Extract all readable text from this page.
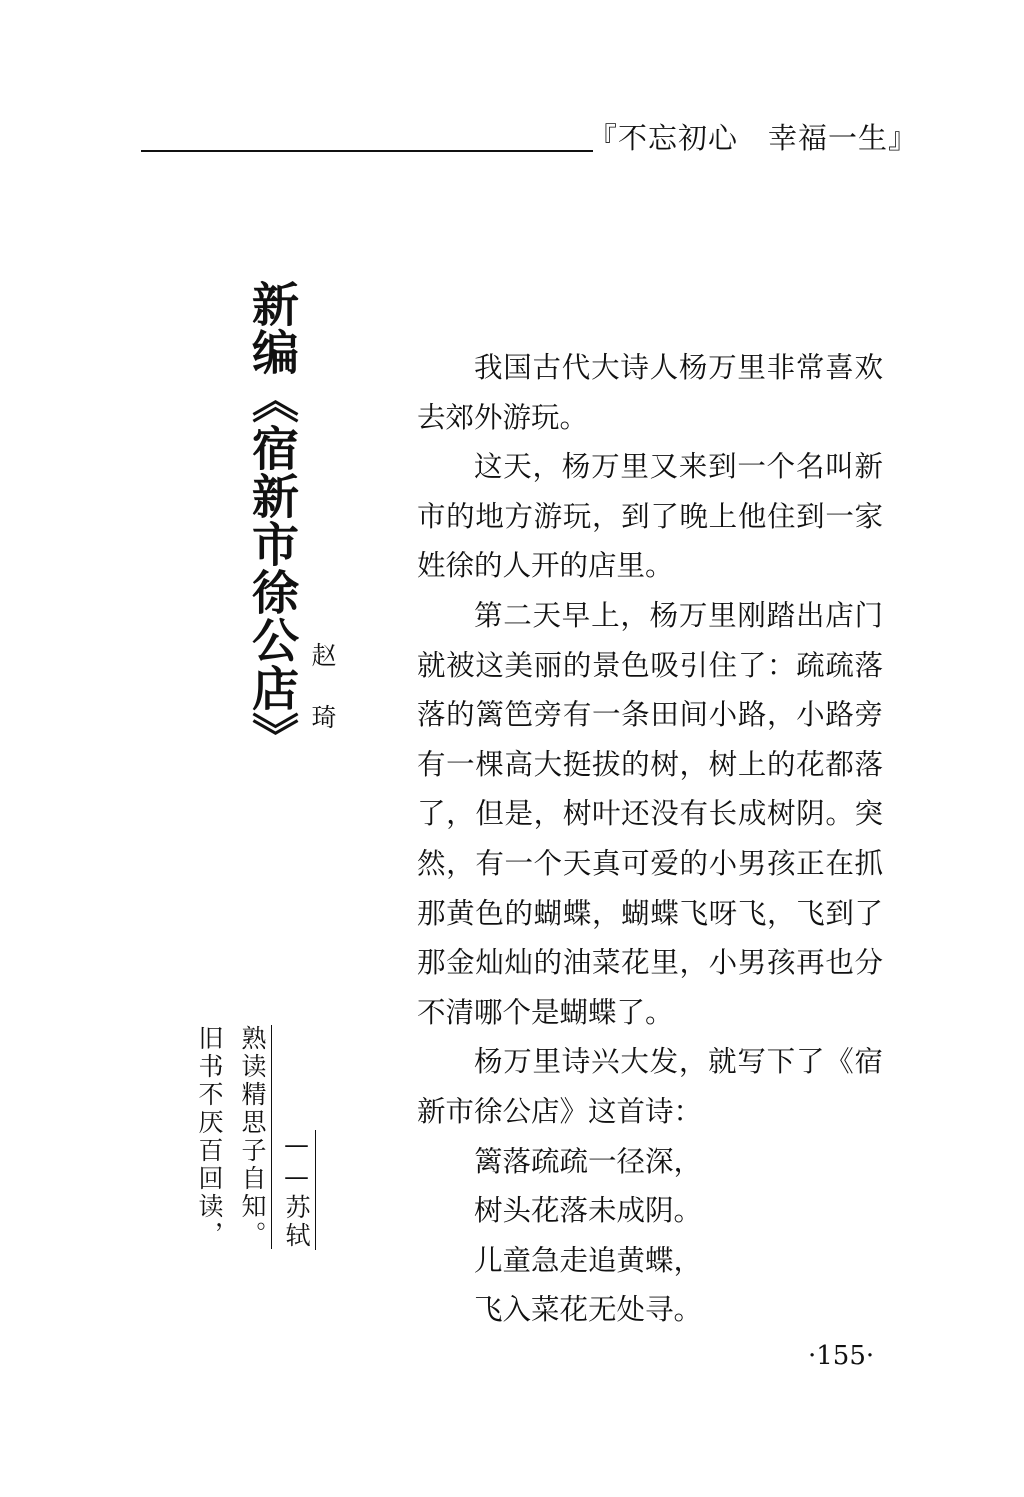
『不忘初心　幸福一生』
新编《宿新市徐公店》 赵　琦
旧书不厌百回读， 熟读精思子自知。 ——苏轼

我国古代大诗人杨万里非常喜欢去郊外游玩。

这天，杨万里又来到一个名叫新市的地方游玩，到了晚上他住到一家姓徐的人开的店里。

第二天早上，杨万里刚踏出店门就被这美丽的景色吸引住了：疏疏落落的篱笆旁有一条田间小路，小路旁有一棵高大挺拔的树，树上的花都落了，但是，树叶还没有长成树阴。突然，有一个天真可爱的小男孩正在抓那黄色的蝴蝶，蝴蝶飞呀飞，飞到了那金灿灿的油菜花里，小男孩再也分不清哪个是蝴蝶了。

杨万里诗兴大发，就写下了《宿新市徐公店》这首诗：

篱落疏疏一径深，

树头花落未成阴。

儿童急走追黄蝶，

飞入菜花无处寻。

·155·
